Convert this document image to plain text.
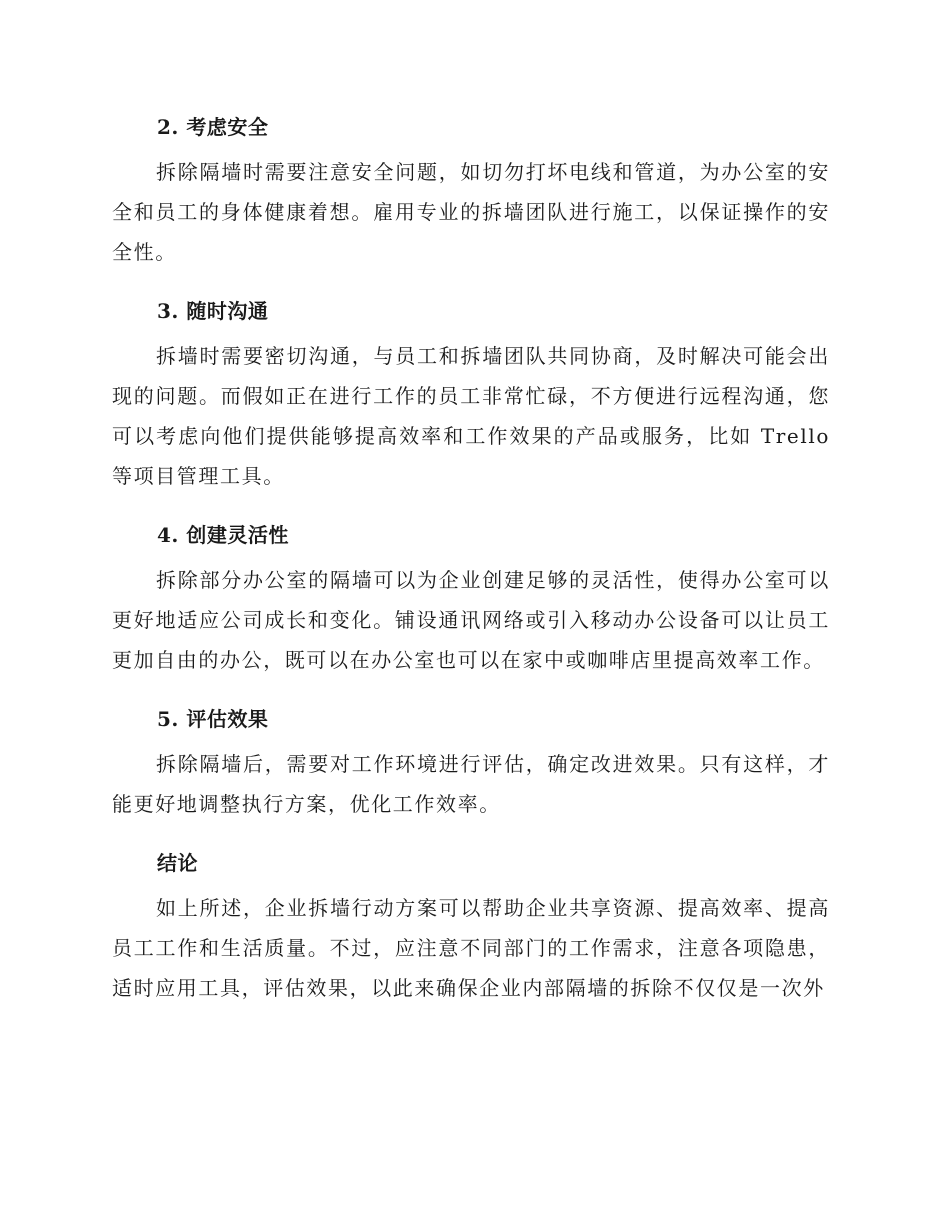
2. 考虑安全

拆除隔墙时需要注意安全问题，如切勿打坏电线和管道，为办公室的安全和员工的身体健康着想。雇用专业的拆墙团队进行施工，以保证操作的安全性。

3. 随时沟通

拆墙时需要密切沟通，与员工和拆墙团队共同协商，及时解决可能会出现的问题。而假如正在进行工作的员工非常忙碌，不方便进行远程沟通，您可以考虑向他们提供能够提高效率和工作效果的产品或服务，比如 Trello 等项目管理工具。

4. 创建灵活性

拆除部分办公室的隔墙可以为企业创建足够的灵活性，使得办公室可以更好地适应公司成长和变化。铺设通讯网络或引入移动办公设备可以让员工更加自由的办公，既可以在办公室也可以在家中或咖啡店里提高效率工作。

5. 评估效果

拆除隔墙后，需要对工作环境进行评估，确定改进效果。只有这样，才能更好地调整执行方案，优化工作效率。

结论

如上所述，企业拆墙行动方案可以帮助企业共享资源、提高效率、提高员工工作和生活质量。不过，应注意不同部门的工作需求，注意各项隐患，适时应用工具，评估效果，以此来确保企业内部隔墙的拆除不仅仅是一次外
